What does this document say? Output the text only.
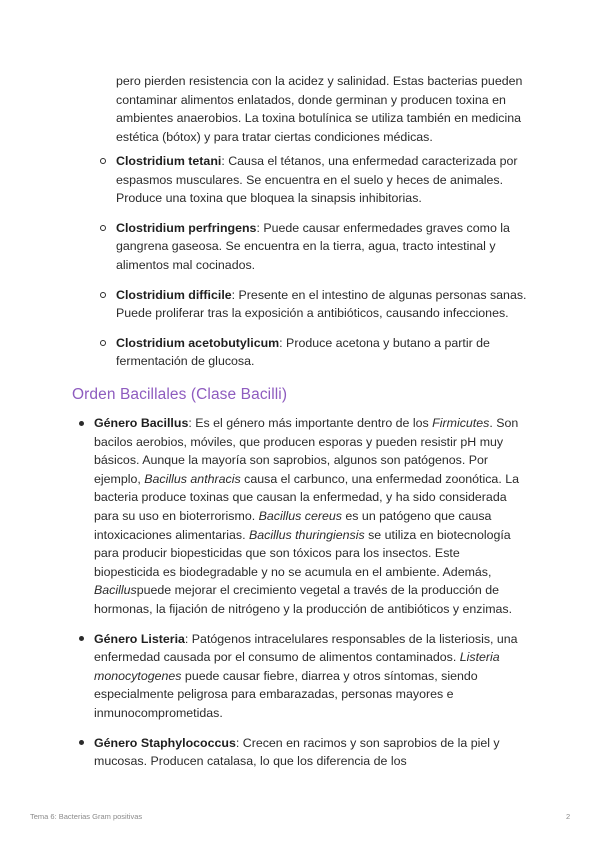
pero pierden resistencia con la acidez y salinidad. Estas bacterias pueden contaminar alimentos enlatados, donde germinan y producen toxina en ambientes anaerobios. La toxina botulínica se utiliza también en medicina estética (bótox) y para tratar ciertas condiciones médicas.

Clostridium tetani: Causa el tétanos, una enfermedad caracterizada por espasmos musculares. Se encuentra en el suelo y heces de animales. Produce una toxina que bloquea la sinapsis inhibitorias.
Clostridium perfringens: Puede causar enfermedades graves como la gangrena gaseosa. Se encuentra en la tierra, agua, tracto intestinal y alimentos mal cocinados.
Clostridium difficile: Presente en el intestino de algunas personas sanas. Puede proliferar tras la exposición a antibióticos, causando infecciones.
Clostridium acetobutylicum: Produce acetona y butano a partir de fermentación de glucosa.
Orden Bacillales (Clase Bacilli)
Género Bacillus: Es el género más importante dentro de los Firmicutes. Son bacilos aerobios, móviles, que producen esporas y pueden resistir pH muy básicos. Aunque la mayoría son saprobios, algunos son patógenos. Por ejemplo, Bacillus anthracis causa el carbunco, una enfermedad zoonótica. La bacteria produce toxinas que causan la enfermedad, y ha sido considerada para su uso en bioterrorismo. Bacillus cereus es un patógeno que causa intoxicaciones alimentarias. Bacillus thuringiensis se utiliza en biotecnología para producir biopesticidas que son tóxicos para los insectos. Este biopesticida es biodegradable y no se acumula en el ambiente. Además, Bacilluspuede mejorar el crecimiento vegetal a través de la producción de hormonas, la fijación de nitrógeno y la producción de antibióticos y enzimas.
Género Listeria: Patógenos intracelulares responsables de la listeriosis, una enfermedad causada por el consumo de alimentos contaminados. Listeria monocytogenes puede causar fiebre, diarrea y otros síntomas, siendo especialmente peligrosa para embarazadas, personas mayores e inmunocomprometidas.
Género Staphylococcus: Crecen en racimos y son saprobios de la piel y mucosas. Producen catalasa, lo que los diferencia de los
Tema 6: Bacterias Gram positivas	2
